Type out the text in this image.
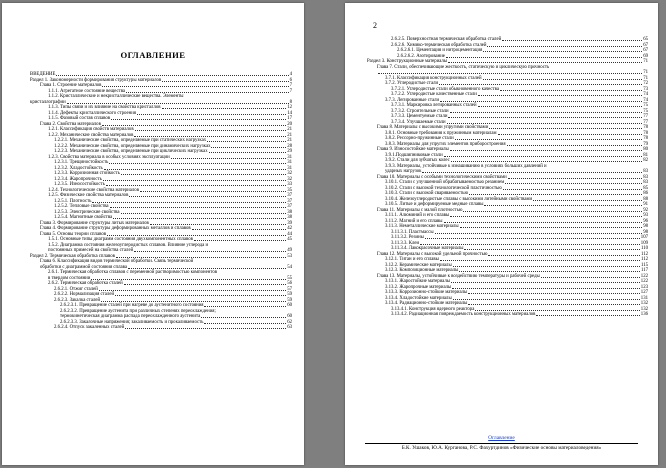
ОГЛАВЛЕНИЕ
ВВЕДЕНИЕ	4
Раздел 1. Закономерности формирования структуры материалов	6
Глава 1. Строение материалов	7
1.1.1. Агрегатное состояние вещества	7
1.1.2. Кристаллические и некристаллические вещества. Элементы
кристаллографии	8
1.1.3. Типы связи и их влияние на свойства кристаллов	12
1.1.4. Дефекты кристаллического строения	14
1.1.5. Фазовый состав сплавов	17
Глава 2. Свойства материалов	20
1.2.1. Классификация свойств материалов	21
1.2.2. Механические свойства материалов	21
1.2.2.1. Механические свойства, определяемые при статических нагрузках	21
1.2.2.2. Механические свойства, определяемые при динамических нагрузках	28
1.2.2.3. Механические свойства, определяемые при циклических нагрузках	29
1.2.3. Свойства материала в особых условиях эксплуатации	31
1.2.3.1. Трещиностойкость	31
1.2.3.2. Хладостойкость	31
1.2.3.3. Коррозионная стойкость	32
1.2.3.4. Жаропрочность	32
1.2.3.5. Износостойкость	33
1.2.4. Технологические свойства материалов	35
1.2.5. Физические свойства материалов	37
1.2.5.1. Плотность	37
1.2.5.2. Тепловые свойства	37
1.2.5.3. Электрические свойства	38
1.2.5.4. Магнитные свойства	38
Глава 3. Формирование структуры литых материалов	39
Глава 4. Формирование структуры деформированных металлов и сплавов	42
Глава 5. Основы теории сплавов	44
1.5.1. Основные типы диаграмм состояния двухкомпонентных сплавов	45
1.5.2. Диаграмма состояния железоуглеродистых сплавов. Влияние углерода и
постоянных примесей на свойства сталей	49
Раздел 2. Термическая обработка сплавов	53
Глава 6. Классификация видов термической обработки. Связь термической
обработки с диаграммой состояния сплава	54
2.6.1. Термическая обработка сплавов с переменной растворимостью компонентов
в твердом состоянии	55
2.6.2. Термическая обработка сталей	56
2.6.2.1. Отжиг сталей	57
2.6.2.2. Нормализация сталей	59
2.6.2.3. Закалка сталей	59
2.6.2.3.1. Превращение сталей при нагреве до аустенитного состояния	60
2.6.2.3.2. Превращение аустенита при различных степенях переохлаждения;
термокинетическая диаграмма распада переохлажденного аустенита	60
2.6.2.3.3. Закалочные напряжения; закаливаемость и прокаливаемость	62
2.6.2.4. Отпуск закаленных сталей	63
2
2.6.2.5. Поверхностная термическая обработка сталей	65
2.6.2.6. Химико-термическая обработка сталей	67
2.6.2.6.1. Цементация и нитроцементация	67
2.6.2.6.2. Азотирование	69
Раздел 3. Конструкционные материалы	71
Глава 7. Стали, обеспечивающие жесткость, статическую и циклическую прочность
71
3.7.1. Классификация конструкционных сталей	71
3.7.2. Углеродистые стали	72
3.7.2.1. Углеродистые стали обыкновенного качества	73
3.7.2.2. Углеродистые качественные стали	74
3.7.3. Легированные стали	74
3.7.3.1. Маркировка легированных сталей	75
3.7.3.2. Строительные стали	75
3.7.3.3. Цементуемые стали	77
3.7.3.4. Улучшаемые стали	77
Глава 8. Материалы с высокими упругими свойствами	78
3.8.1. Основные требования к пружинным материалам	78
3.8.2. Рессорно-пружинные стали	78
3.8.3. Материалы для упругих элементов приборостроения	79
Глава 9. Износостойкие материалы	80
3.9.1.Подшипниковые стали	81
3.9.2. Стали для зубчатых колес	82
3.9.3. Материалы, устойчивые к изнашиванию в условиях больших давлений и
ударных нагрузок	83
Глава 10. Материалы с особыми технологическими свойствами	83
3.10.1. Стали с улучшенной обрабатываемостью резанием	83
3.10.2. Стали с высокой технологической пластичностью	85
3.10.3. Стали с высокой свариваемостью	86
3.10.4. Железоуглеродистые сплавы с высокими литейными свойствами	88
3.10.5. Литые и деформируемые медные сплавы	91
Глава 11. Материалы с малой плотностью	92
3.11.1. Алюминий и его сплавы	93
3.11.2. Магний и его сплавы	96
3.11.3. Неметаллические материалы	98
3.11.3.1. Пластмассы	98
3.11.3.2. Резины	107
3.11.3.3. Клеи	109
3.11.3.4. Лакокрасочные материалы	110
Глава 12. Материалы с высокой удельной прочностью	112
3.12.1. Титан и его сплавы	112
3.12.2. Керамические материалы	115
3.12.3. Композиционные материалы	117
Глава 13. Материалы, устойчивые к воздействию температуры и рабочей среды	122
3.13.1. Жаростойкие материалы	122
3.13.2. Жаропрочные материалы	123
3.13.3. Коррозионно-стойкие материалы	127
3.13.4. Хладостойкие материалы	131
3.13.4. Радиационно-стойкие материалы	132
3.13.4.1. Конструкция ядерного реактора	132
3.13.4.2. Радиационная повреждаемость конструкционных материалов	136
Оглавление
Б.К. Ушаков, Ю.А. Курганова, Р.С. Фахуртдинов «Физические основы материаловедения»
